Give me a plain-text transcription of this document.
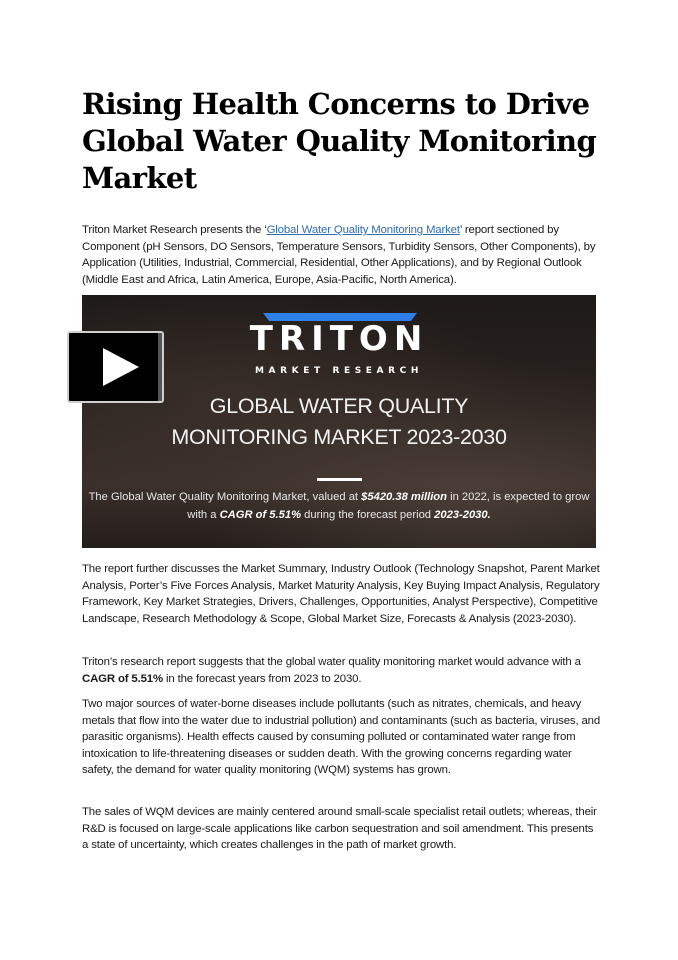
Rising Health Concerns to Drive Global Water Quality Monitoring Market

Triton Market Research presents the ‘Global Water Quality Monitoring Market’ report sectioned by Component (pH Sensors, DO Sensors, Temperature Sensors, Turbidity Sensors, Other Components), by Application (Utilities, Industrial, Commercial, Residential, Other Applications), and by Regional Outlook (Middle East and Africa, Latin America, Europe, Asia-Pacific, North America).

TRITON
MARKET RESEARCH
GLOBAL WATER QUALITY
MONITORING MARKET 2023-2030
The Global Water Quality Monitoring Market, valued at $5420.38 million in 2022, is expected to grow with a CAGR of 5.51% during the forecast period 2023-2030.

The report further discusses the Market Summary, Industry Outlook (Technology Snapshot, Parent Market Analysis, Porter’s Five Forces Analysis, Market Maturity Analysis, Key Buying Impact Analysis, Regulatory Framework, Key Market Strategies, Drivers, Challenges, Opportunities, Analyst Perspective), Competitive Landscape, Research Methodology & Scope, Global Market Size, Forecasts & Analysis (2023-2030).

Triton’s research report suggests that the global water quality monitoring market would advance with a CAGR of 5.51% in the forecast years from 2023 to 2030.

Two major sources of water-borne diseases include pollutants (such as nitrates, chemicals, and heavy metals that flow into the water due to industrial pollution) and contaminants (such as bacteria, viruses, and parasitic organisms). Health effects caused by consuming polluted or contaminated water range from intoxication to life-threatening diseases or sudden death. With the growing concerns regarding water safety, the demand for water quality monitoring (WQM) systems has grown.

The sales of WQM devices are mainly centered around small-scale specialist retail outlets; whereas, their R&D is focused on large-scale applications like carbon sequestration and soil amendment. This presents a state of uncertainty, which creates challenges in the path of market growth.
